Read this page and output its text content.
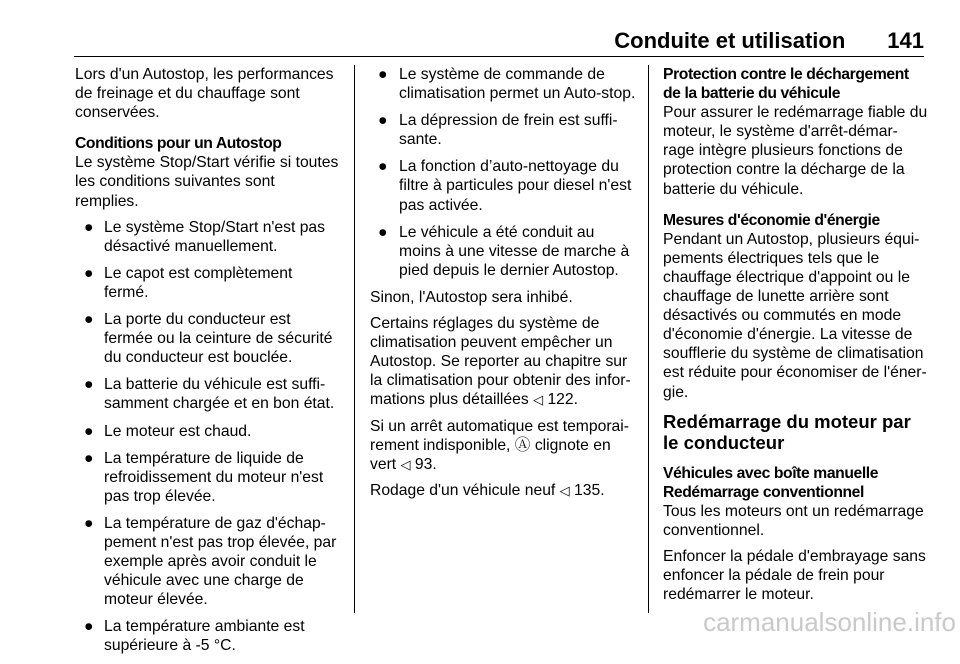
Conduite et utilisation 141

Lors d'un Autostop, les performances de freinage et du chauffage sont conservées.

Conditions pour un Autostop

Le système Stop/Start vérifie si toutes les conditions suivantes sont remplies.

● Le système Stop/Start n'est pas désactivé manuellement.
● Le capot est complètement fermé.
● La porte du conducteur est fermée ou la ceinture de sécurité du conducteur est bouclée.
● La batterie du véhicule est suffi-samment chargée et en bon état.
● Le moteur est chaud.
● La température de liquide de refroidissement du moteur n'est pas trop élevée.
● La température de gaz d'échap-pement n'est pas trop élevée, par exemple après avoir conduit le véhicule avec une charge de moteur élevée.
● La température ambiante est supérieure à -5 °C.
● Le système de commande de climatisation permet un Auto-stop.
● La dépression de frein est suffi-sante.
● La fonction d’auto-nettoyage du filtre à particules pour diesel n'est pas activée.
● Le véhicule a été conduit au moins à une vitesse de marche à pied depuis le dernier Autostop.

Sinon, l'Autostop sera inhibé.

Certains réglages du système de climatisation peuvent empêcher un Autostop. Se reporter au chapitre sur la climatisation pour obtenir des infor-mations plus détaillées ◁ 122.

Si un arrêt automatique est temporai-rement indisponible, Ⓐ clignote en vert ◁ 93.

Rodage d'un véhicule neuf ◁ 135.

Protection contre le déchargement de la batterie du véhicule

Pour assurer le redémarrage fiable du moteur, le système d'arrêt-démar-rage intègre plusieurs fonctions de protection contre la décharge de la batterie du véhicule.

Mesures d'économie d'énergie

Pendant un Autostop, plusieurs équi-pements électriques tels que le chauffage électrique d'appoint ou le chauffage de lunette arrière sont désactivés ou commutés en mode d'économie d'énergie. La vitesse de soufflerie du système de climatisation est réduite pour économiser de l'éner-gie.

Redémarrage du moteur par le conducteur
Véhicules avec boîte manuelle
Redémarrage conventionnel

Tous les moteurs ont un redémarrage conventionnel.

Enfoncer la pédale d'embrayage sans enfoncer la pédale de frein pour redémarrer le moteur.

carmanualsonline.info
